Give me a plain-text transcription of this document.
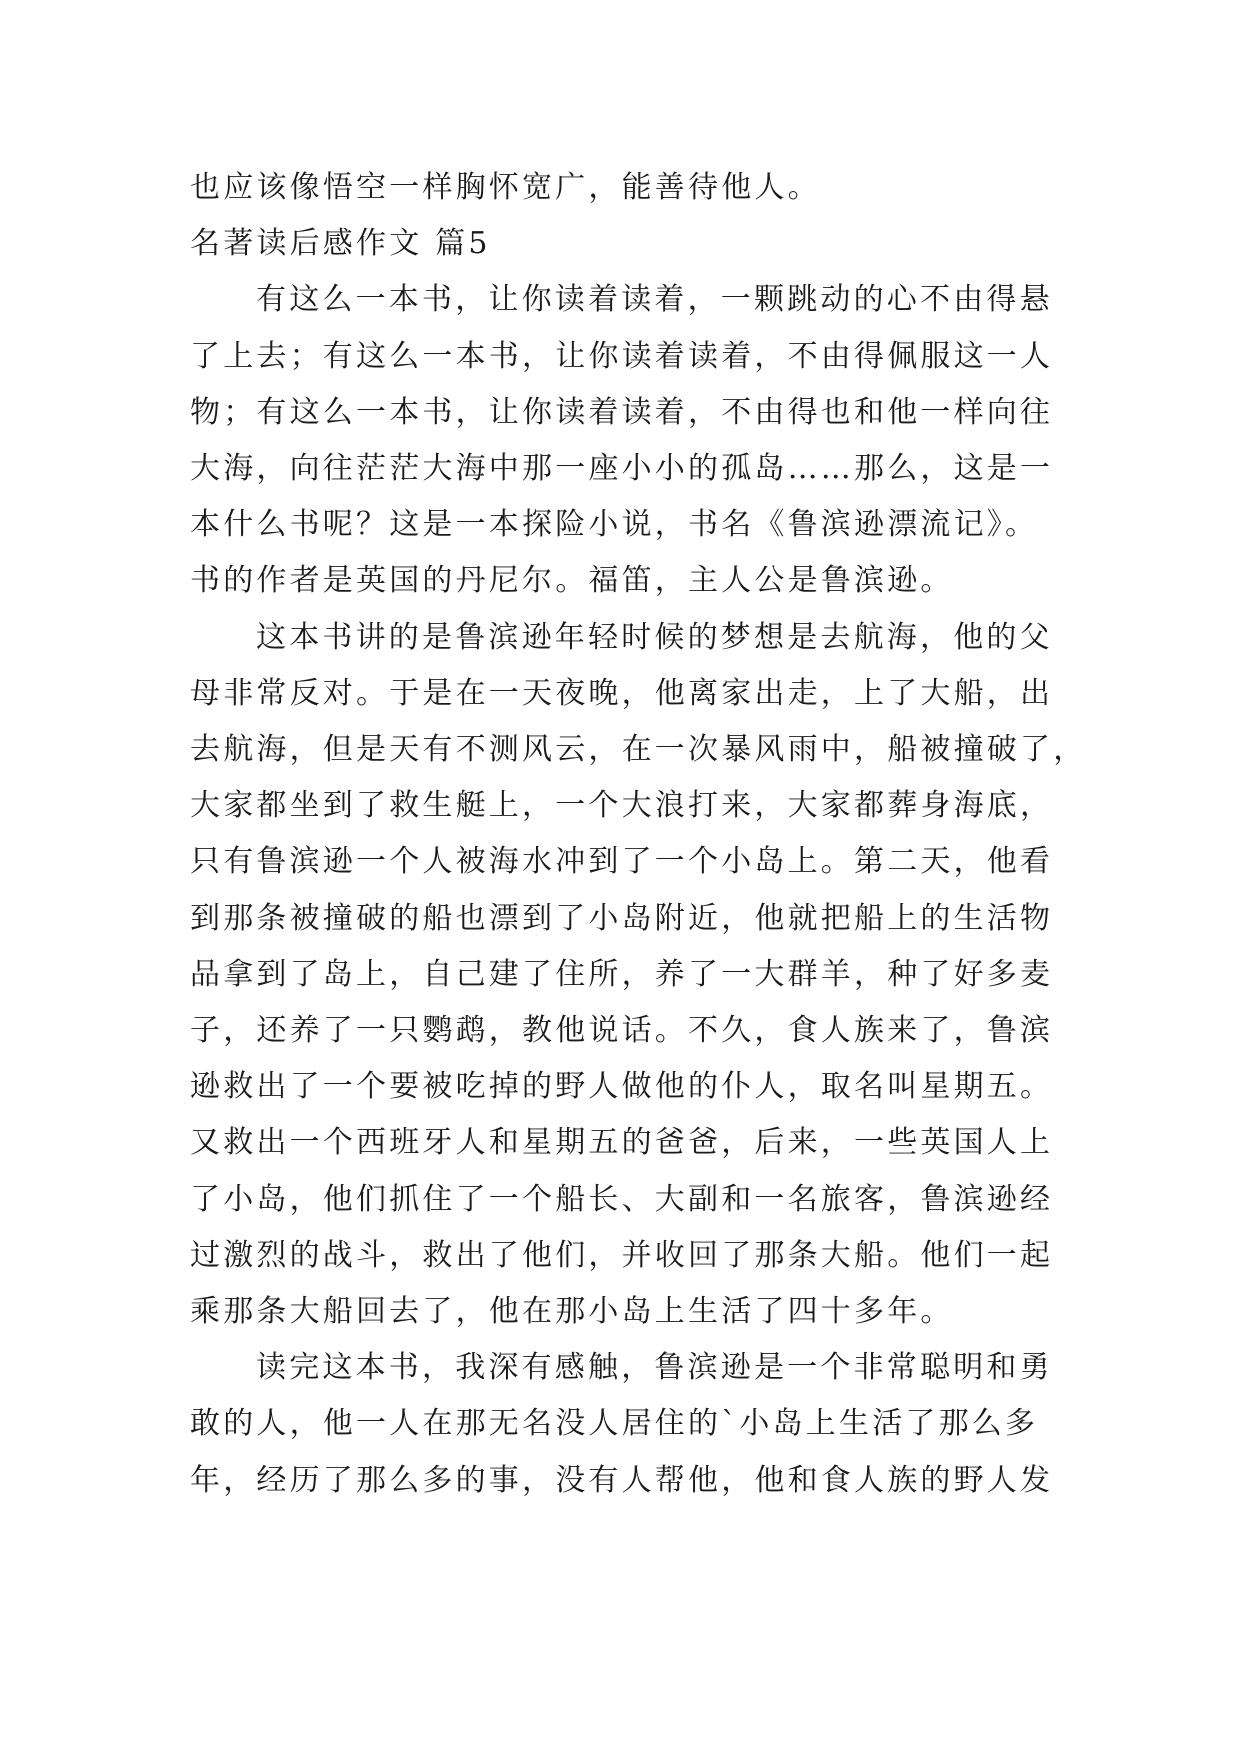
也应该像悟空一样胸怀宽广，能善待他人。
名著读后感作文 篇5
有这么一本书，让你读着读着，一颗跳动的心不由得悬
了上去；有这么一本书，让你读着读着，不由得佩服这一人
物；有这么一本书，让你读着读着，不由得也和他一样向往
大海，向往茫茫大海中那一座小小的孤岛……那么，这是一
本什么书呢？这是一本探险小说，书名《鲁滨逊漂流记》。
书的作者是英国的丹尼尔。福笛，主人公是鲁滨逊。
这本书讲的是鲁滨逊年轻时候的梦想是去航海，他的父
母非常反对。于是在一天夜晚，他离家出走，上了大船，出
去航海，但是天有不测风云，在一次暴风雨中，船被撞破了，
大家都坐到了救生艇上，一个大浪打来，大家都葬身海底，
只有鲁滨逊一个人被海水冲到了一个小岛上。第二天，他看
到那条被撞破的船也漂到了小岛附近，他就把船上的生活物
品拿到了岛上，自己建了住所，养了一大群羊，种了好多麦
子，还养了一只鹦鹉，教他说话。不久，食人族来了，鲁滨
逊救出了一个要被吃掉的野人做他的仆人，取名叫星期五。
又救出一个西班牙人和星期五的爸爸，后来，一些英国人上
了小岛，他们抓住了一个船长、大副和一名旅客，鲁滨逊经
过激烈的战斗，救出了他们，并收回了那条大船。他们一起
乘那条大船回去了，他在那小岛上生活了四十多年。
读完这本书，我深有感触，鲁滨逊是一个非常聪明和勇
敢的人，他一人在那无名没人居住的`小岛上生活了那么多
年，经历了那么多的事，没有人帮他，他和食人族的野人发
